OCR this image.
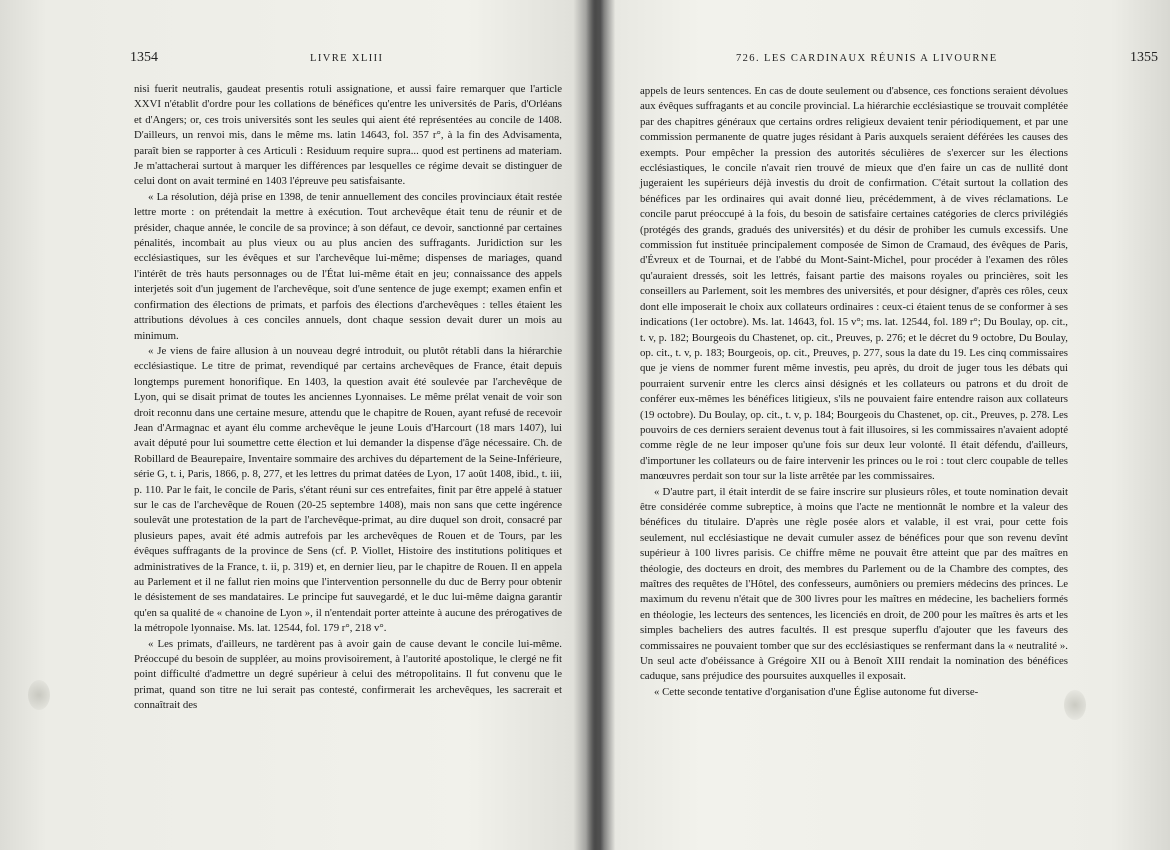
1354	LIVRE XLIII

nisi fuerit neutralis, gaudeat presentis rotuli assignatione, et aussi faire remarquer que l'article XXVI n'établit d'ordre pour les collations de bénéfices qu'entre les universités de Paris, d'Orléans et d'Angers; or, ces trois universités sont les seules qui aient été représentées au concile de 1408. D'ailleurs, un renvoi mis, dans le même ms. latin 14643, fol. 357 r°, à la fin des Advisamenta, paraît bien se rapporter à ces Articuli : Residuum require supra... quod est pertinens ad materiam. Je m'attacherai surtout à marquer les différences par lesquelles ce régime devait se distinguer de celui dont on avait terminé en 1403 l'épreuve peu satisfaisante.

« La résolution, déjà prise en 1398, de tenir annuellement des conciles provinciaux était restée lettre morte : on prétendait la mettre à exécution. Tout archevêque était tenu de réunir et de présider, chaque année, le concile de sa province; à son défaut, ce devoir, sanctionné par certaines pénalités, incombait au plus vieux ou au plus ancien des suffragants. Juridiction sur les ecclésiastiques, sur les évêques et sur l'archevêque lui-même; dispenses de mariages, quand l'intérêt de très hauts personnages ou de l'État lui-même était en jeu; connaissance des appels interjetés soit d'un jugement de l'archevêque, soit d'une sentence de juge exempt; examen enfin et confirmation des élections de primats, et parfois des élections d'archevêques : telles étaient les attributions dévolues à ces conciles annuels, dont chaque session devait durer un mois au minimum.

« Je viens de faire allusion à un nouveau degré introduit, ou plutôt rétabli dans la hiérarchie ecclésiastique. Le titre de primat, revendiqué par certains archevêques de France, était depuis longtemps purement honorifique. En 1403, la question avait été soulevée par l'archevêque de Lyon, qui se disait primat de toutes les anciennes Lyonnaises. Le même prélat venait de voir son droit reconnu dans une certaine mesure, attendu que le chapitre de Rouen, ayant refusé de recevoir Jean d'Armagnac et ayant élu comme archevêque le jeune Louis d'Harcourt (18 mars 1407), lui avait député pour lui soumettre cette élection et lui demander la dispense d'âge nécessaire. Ch. de Robillard de Beaurepaire, Inventaire sommaire des archives du département de la Seine-Inférieure, série G, t. i, Paris, 1866, p. 8, 277, et les lettres du primat datées de Lyon, 17 août 1408, ibid., t. iii, p. 110. Par le fait, le concile de Paris, s'étant réuni sur ces entrefaites, finit par être appelé à statuer sur le cas de l'archevêque de Rouen (20-25 septembre 1408), mais non sans que cette ingérence soulevât une protestation de la part de l'archevêque-primat, au dire duquel son droit, consacré par plusieurs papes, avait été admis autrefois par les archevêques de Rouen et de Tours, par les évêques suffragants de la province de Sens (cf. P. Viollet, Histoire des institutions politiques et administratives de la France, t. ii, p. 319) et, en dernier lieu, par le chapitre de Rouen. Il en appela au Parlement et il ne fallut rien moins que l'intervention personnelle du duc de Berry pour obtenir le désistement de ses mandataires. Le principe fut sauvegardé, et le duc lui-même daigna garantir qu'en sa qualité de « chanoine de Lyon », il n'entendait porter atteinte à aucune des prérogatives de la métropole lyonnaise. Ms. lat. 12544, fol. 179 r°, 218 v°.

« Les primats, d'ailleurs, ne tardèrent pas à avoir gain de cause devant le concile lui-même. Préoccupé du besoin de suppléer, au moins provisoirement, à l'autorité apostolique, le clergé ne fit point difficulté d'admettre un degré supérieur à celui des métropolitains. Il fut convenu que le primat, quand son titre ne lui serait pas contesté, confirmerait les archevêques, les sacrerait et connaîtrait des

726. LES CARDINAUX RÉUNIS A LIVOURNE	1355

appels de leurs sentences. En cas de doute seulement ou d'absence, ces fonctions seraient dévolues aux évêques suffragants et au concile provincial. La hiérarchie ecclésiastique se trouvait complétée par des chapitres généraux que certains ordres religieux devaient tenir périodiquement, et par une commission permanente de quatre juges résidant à Paris auxquels seraient déférées les causes des exempts. Pour empêcher la pression des autorités séculières de s'exercer sur les élections ecclésiastiques, le concile n'avait rien trouvé de mieux que d'en faire un cas de nullité dont jugeraient les supérieurs déjà investis du droit de confirmation. C'était surtout la collation des bénéfices par les ordinaires qui avait donné lieu, précédemment, à de vives réclamations. Le concile parut préoccupé à la fois, du besoin de satisfaire certaines catégories de clercs privilégiés (protégés des grands, gradués des universités) et du désir de prohiber les cumuls excessifs. Une commission fut instituée principalement composée de Simon de Cramaud, des évêques de Paris, d'Évreux et de Tournai, et de l'abbé du Mont-Saint-Michel, pour procéder à l'examen des rôles qu'auraient dressés, soit les lettrés, faisant partie des maisons royales ou princières, soit les conseillers au Parlement, soit les membres des universités, et pour désigner, d'après ces rôles, ceux dont elle imposerait le choix aux collateurs ordinaires : ceux-ci étaient tenus de se conformer à ses indications (1er octobre). Ms. lat. 14643, fol. 15 v°; ms. lat. 12544, fol. 189 r°; Du Boulay, op. cit., t. v, p. 182; Bourgeois du Chastenet, op. cit., Preuves, p. 276; et le décret du 9 octobre, Du Boulay, op. cit., t. v, p. 183; Bourgeois, op. cit., Preuves, p. 277, sous la date du 19. Les cinq commissaires que je viens de nommer furent même investis, peu après, du droit de juger tous les débats qui pourraient survenir entre les clercs ainsi désignés et les collateurs ou patrons et du droit de conférer eux-mêmes les bénéfices litigieux, s'ils ne pouvaient faire entendre raison aux collateurs (19 octobre). Du Boulay, op. cit., t. v, p. 184; Bourgeois du Chastenet, op. cit., Preuves, p. 278. Les pouvoirs de ces derniers seraient devenus tout à fait illusoires, si les commissaires n'avaient adopté comme règle de ne leur imposer qu'une fois sur deux leur volonté. Il était défendu, d'ailleurs, d'importuner les collateurs ou de faire intervenir les princes ou le roi : tout clerc coupable de telles manœuvres perdait son tour sur la liste arrêtée par les commissaires.

« D'autre part, il était interdit de se faire inscrire sur plusieurs rôles, et toute nomination devait être considérée comme subreptice, à moins que l'acte ne mentionnât le nombre et la valeur des bénéfices du titulaire. D'après une règle posée alors et valable, il est vrai, pour cette fois seulement, nul ecclésiastique ne devait cumuler assez de bénéfices pour que son revenu devînt supérieur à 100 livres parisis. Ce chiffre même ne pouvait être atteint que par des maîtres en théologie, des docteurs en droit, des membres du Parlement ou de la Chambre des comptes, des maîtres des requêtes de l'Hôtel, des confesseurs, aumôniers ou premiers médecins des princes. Le maximum du revenu n'était que de 300 livres pour les maîtres en médecine, les bacheliers formés en théologie, les lecteurs des sentences, les licenciés en droit, de 200 pour les maîtres ès arts et les simples bacheliers des autres facultés. Il est presque superflu d'ajouter que les faveurs des commissaires ne pouvaient tomber que sur des ecclésiastiques se renfermant dans la « neutralité ». Un seul acte d'obéissance à Grégoire XII ou à Benoît XIII rendait la nomination des bénéfices caduque, sans préjudice des poursuites auxquelles il exposait.

« Cette seconde tentative d'organisation d'une Église autonome fut diverse-
